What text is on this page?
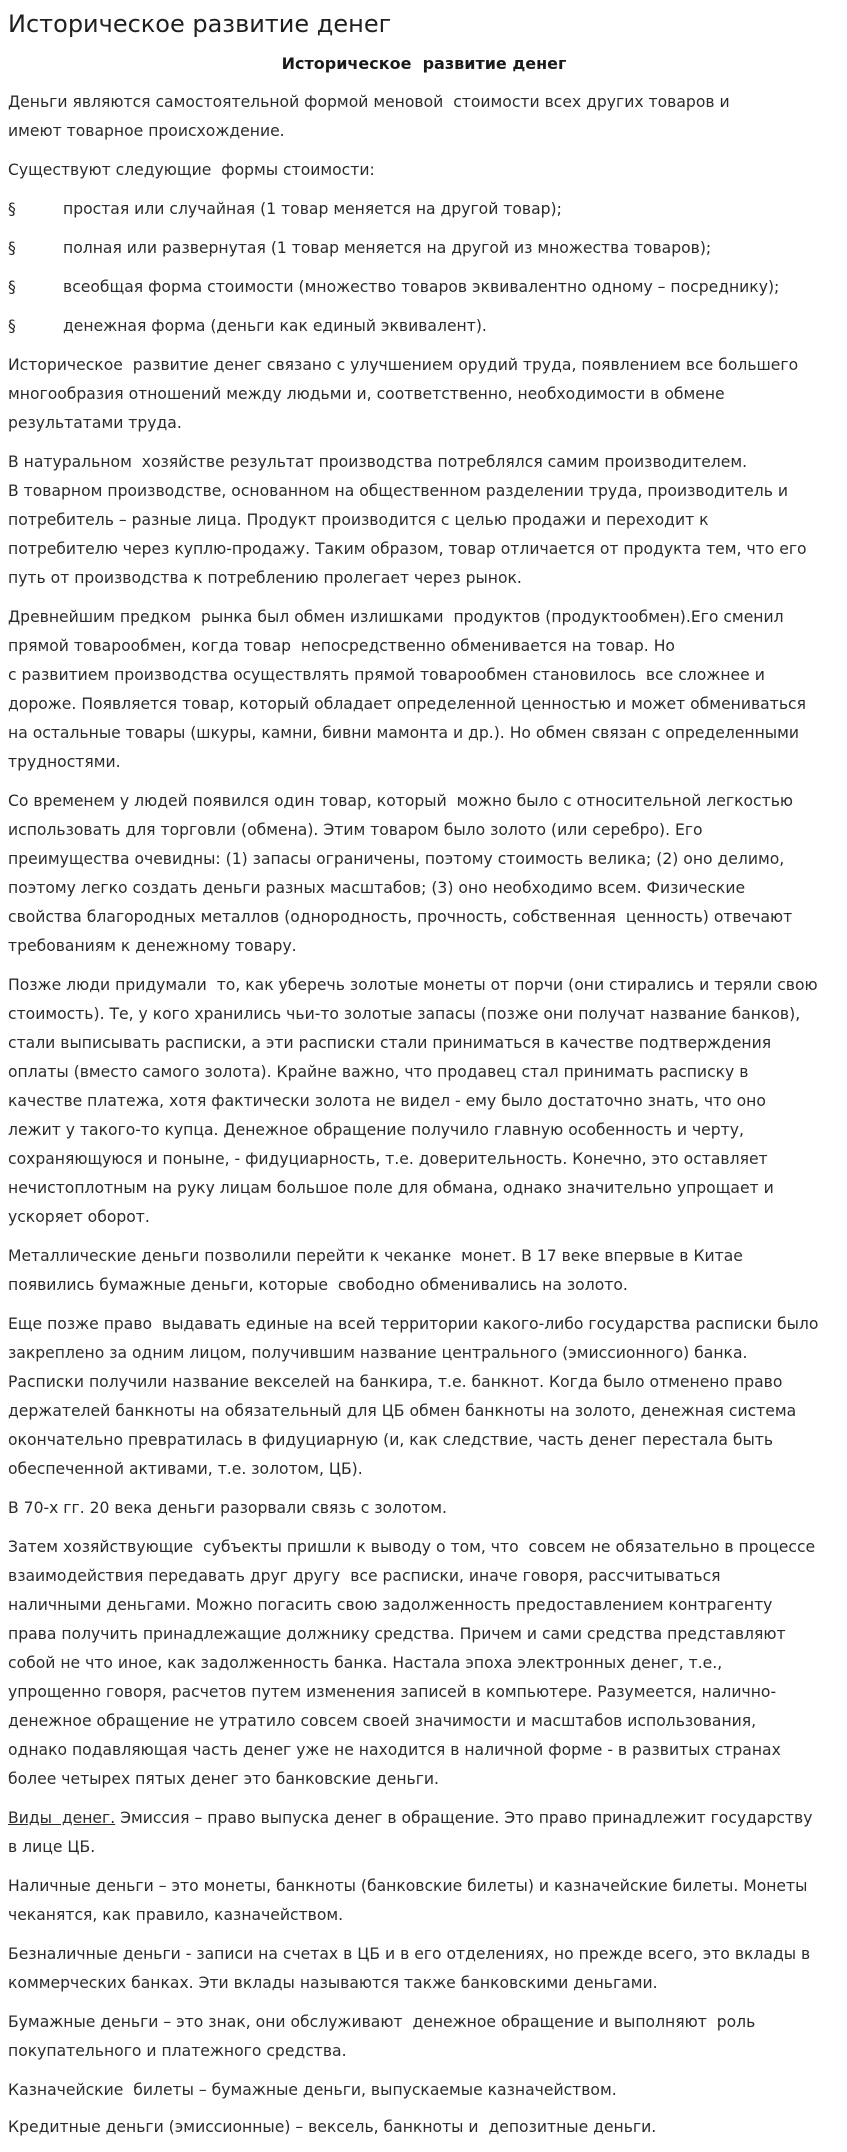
Историческое развитие денег
Историческое  развитие денег

Деньги являются самостоятельной формой меновой  стоимости всех других товаров и
имеют товарное происхождение.

Существуют следующие  формы стоимости:

§	простая или случайная (1 товар меняется на другой товар);
§	полная или развернутая (1 товар меняется на другой из множества товаров);
§	всеобщая форма стоимости (множество товаров эквивалентно одному – посреднику);
§	денежная форма (деньги как единый эквивалент).

Историческое  развитие денег связано с улучшением орудий труда, появлением все большего
многообразия отношений между людьми и, соответственно, необходимости в обмене
результатами труда.

В натуральном  хозяйстве результат производства потреблялся самим производителем.
В товарном производстве, основанном на общественном разделении труда, производитель и
потребитель – разные лица. Продукт производится с целью продажи и переходит к
потребителю через куплю-продажу. Таким образом, товар отличается от продукта тем, что его
путь от производства к потреблению пролегает через рынок.

Древнейшим предком  рынка был обмен излишками  продуктов (продуктообмен).Его сменил
прямой товарообмен, когда товар  непосредственно обменивается на товар. Но
с развитием производства осуществлять прямой товарообмен становилось  все сложнее и
дороже. Появляется товар, который обладает определенной ценностью и может обмениваться
на остальные товары (шкуры, камни, бивни мамонта и др.). Но обмен связан с определенными
трудностями.

Со временем у людей появился один товар, который  можно было с относительной легкостью
использовать для торговли (обмена). Этим товаром было золото (или серебро). Его
преимущества очевидны: (1) запасы ограничены, поэтому стоимость велика; (2) оно делимо,
поэтому легко создать деньги разных масштабов; (3) оно необходимо всем. Физические
свойства благородных металлов (однородность, прочность, собственная  ценность) отвечают
требованиям к денежному товару.

Позже люди придумали  то, как уберечь золотые монеты от порчи (они стирались и теряли свою
стоимость). Те, у кого хранились чьи-то золотые запасы (позже они получат название банков),
стали выписывать расписки, а эти расписки стали приниматься в качестве подтверждения
оплаты (вместо самого золота). Крайне важно, что продавец стал принимать расписку в
качестве платежа, хотя фактически золота не видел - ему было достаточно знать, что оно
лежит у такого-то купца. Денежное обращение получило главную особенность и черту,
сохраняющуюся и поныне, - фидуциарность, т.е. доверительность. Конечно, это оставляет
нечистоплотным на руку лицам большое поле для обмана, однако значительно упрощает и
ускоряет оборот.

Металлические деньги позволили перейти к чеканке  монет. В 17 веке впервые в Китае
появились бумажные деньги, которые  свободно обменивались на золото.

Еще позже право  выдавать единые на всей территории какого-либо государства расписки было
закреплено за одним лицом, получившим название центрального (эмиссионного) банка.
Расписки получили название векселей на банкира, т.е. банкнот. Когда было отменено право
держателей банкноты на обязательный для ЦБ обмен банкноты на золото, денежная система
окончательно превратилась в фидуциарную (и, как следствие, часть денег перестала быть
обеспеченной активами, т.е. золотом, ЦБ).

В 70-х гг. 20 века деньги разорвали связь с золотом.

Затем хозяйствующие  субъекты пришли к выводу о том, что  совсем не обязательно в процессе
взаимодействия передавать друг другу  все расписки, иначе говоря, рассчитываться
наличными деньгами. Можно погасить свою задолженность предоставлением контрагенту
права получить принадлежащие должнику средства. Причем и сами средства представляют
собой не что иное, как задолженность банка. Настала эпоха электронных денег, т.е.,
упрощенно говоря, расчетов путем изменения записей в компьютере. Разумеется, налично-
денежное обращение не утратило совсем своей значимости и масштабов использования,
однако подавляющая часть денег уже не находится в наличной форме - в развитых странах
более четырех пятых денег это банковские деньги.

Виды  денег. Эмиссия – право выпуска денег в обращение. Это право принадлежит государству
в лице ЦБ.

Наличные деньги – это монеты, банкноты (банковские билеты) и казначейские билеты. Монеты
чеканятся, как правило, казначейством.

Безналичные деньги - записи на счетах в ЦБ и в его отделениях, но прежде всего, это вклады в
коммерческих банках. Эти вклады называются также банковскими деньгами.

Бумажные деньги – это знак, они обслуживают  денежное обращение и выполняют  роль
покупательного и платежного средства.

Казначейские  билеты – бумажные деньги, выпускаемые казначейством.

Кредитные деньги (эмиссионные) – вексель, банкноты и  депозитные деньги.
